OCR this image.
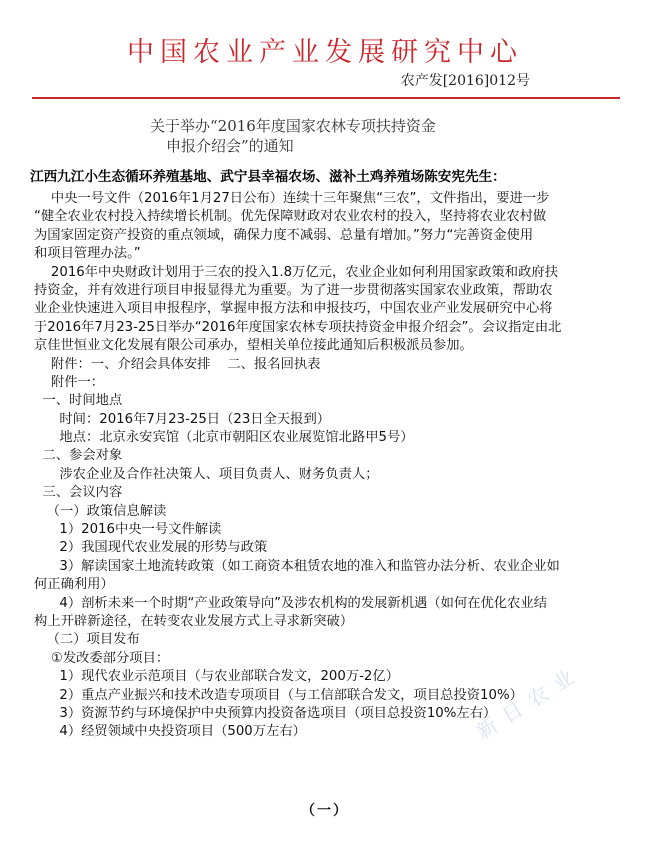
中国农业产业发展研究中心
农产发[2016]012号
关于举办“2016年度国家农林专项扶持资金
申报介绍会”的通知
江西九江小生态循环养殖基地、武宁县幸福农场、滋补土鸡养殖场陈安宪先生：
中央一号文件（2016年1月27日公布）连续十三年聚焦“三农”，文件指出，要进一步
“健全农业农村投入持续增长机制。优先保障财政对农业农村的投入，坚持将农业农村做
为国家固定资产投资的重点领域，确保力度不减弱、总量有增加。”努力“完善资金使用
和项目管理办法。”
2016年中央财政计划用于三农的投入1.8万亿元，农业企业如何利用国家政策和政府扶
持资金，并有效进行项目申报显得尤为重要。为了进一步贯彻落实国家农业政策，帮助农
业企业快速进入项目申报程序，掌握申报方法和申报技巧，中国农业产业发展研究中心将
于2016年7月23-25日举办“2016年度国家农林专项扶持资金申报介绍会”。会议指定由北
京佳世恒业文化发展有限公司承办，望相关单位接此通知后积极派员参加。
附件：一、介绍会具体安排    二、报名回执表
附件一：
一、时间地点
时间：2016年7月23-25日（23日全天报到）
地点：北京永安宾馆（北京市朝阳区农业展览馆北路甲5号）
二、参会对象
涉农企业及合作社决策人、项目负责人、财务负责人；
三、会议内容
（一）政策信息解读
1）2016中央一号文件解读
2）我国现代农业发展的形势与政策
3）解读国家土地流转政策（如工商资本租赁农地的准入和监管办法分析、农业企业如
何正确利用）
4）剖析未来一个时期“产业政策导向”及涉农机构的发展新机遇（如何在优化农业结
构上开辟新途径，在转变农业发展方式上寻求新突破）
（二）项目发布
①发改委部分项目：
1）现代农业示范项目（与农业部联合发文，200万-2亿）
2）重点产业振兴和技术改造专项项目（与工信部联合发文，项目总投资10%）
3）资源节约与环境保护中央预算内投资备选项目（项目总投资10%左右）
4）经贸领域中央投资项目（500万左右）
（一）
新日农业
